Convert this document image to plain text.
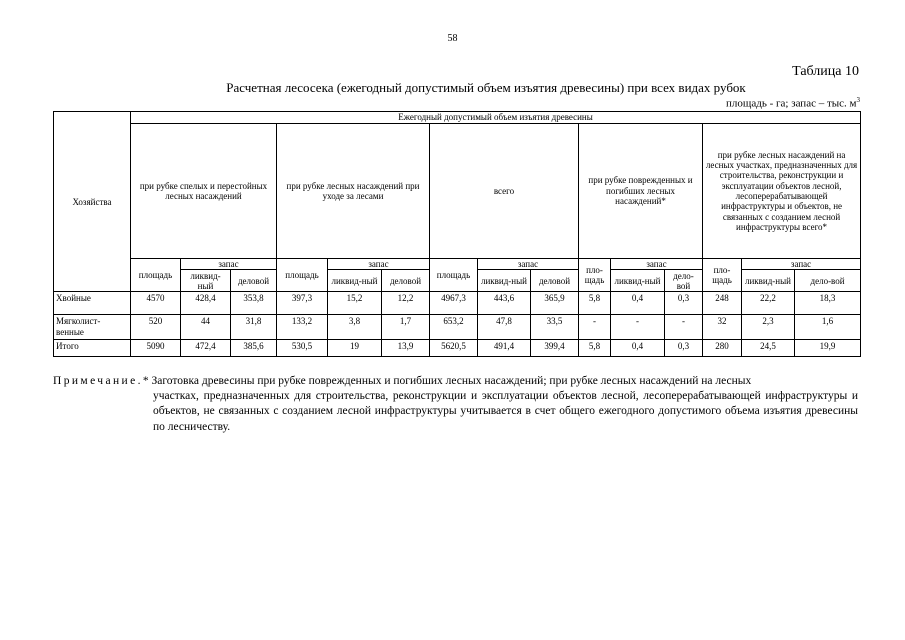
58
Таблица 10
Расчетная лесосека (ежегодный допустимый объем изъятия древесины) при всех видах рубок
площадь - га; запас – тыс. $м^3$
Хозяйства	Ежегодный допустимый объем изъятия древесины														
	при рубке спелых и перестойных лесных насаждений			при рубке лесных насаждений при уходе за лесами			всего			при рубке поврежденных и погибших лесных насаждений*			при рубке лесных насаждений на лесных участках, предназначенных для строительства, реконструкции и эксплуатации объектов лесной, лесоперерабатывающей инфраструктуры и объектов, не связанных с созданием лесной инфраструктуры всего*		
	площадь	запас		площадь	запас		площадь	запас		пло-щадь	запас		пло-щадь	запас	
		ликвид-ный	деловой		ликвид-ный	деловой		ликвид-ный	деловой		ликвид-ный	дело-вой		ликвид-ный	дело-вой
Хвойные	4570	428,4	353,8	397,3	15,2	12,2	4967,3	443,6	365,9	5,8	0,4	0,3	248	22,2	18,3
Мягколист-венные	520	44	31,8	133,2	3,8	1,7	653,2	47,8	33,5	-	-	-	32	2,3	1,6
Итого	5090	472,4	385,6	530,5	19	13,9	5620,5	491,4	399,4	5,8	0,4	0,3	280	24,5	19,9
Примечание.* Заготовка древесины при рубке поврежденных и погибших лесных насаждений; при рубке лесных насаждений на лесных
участках, предназначенных для строительства, реконструкции и эксплуатации объектов лесной, лесоперерабатывающей инфраструктуры и объектов, не связанных с созданием лесной инфраструктуры учитывается в счет общего ежегодного допустимого объема изъятия древесины по лесничеству.
